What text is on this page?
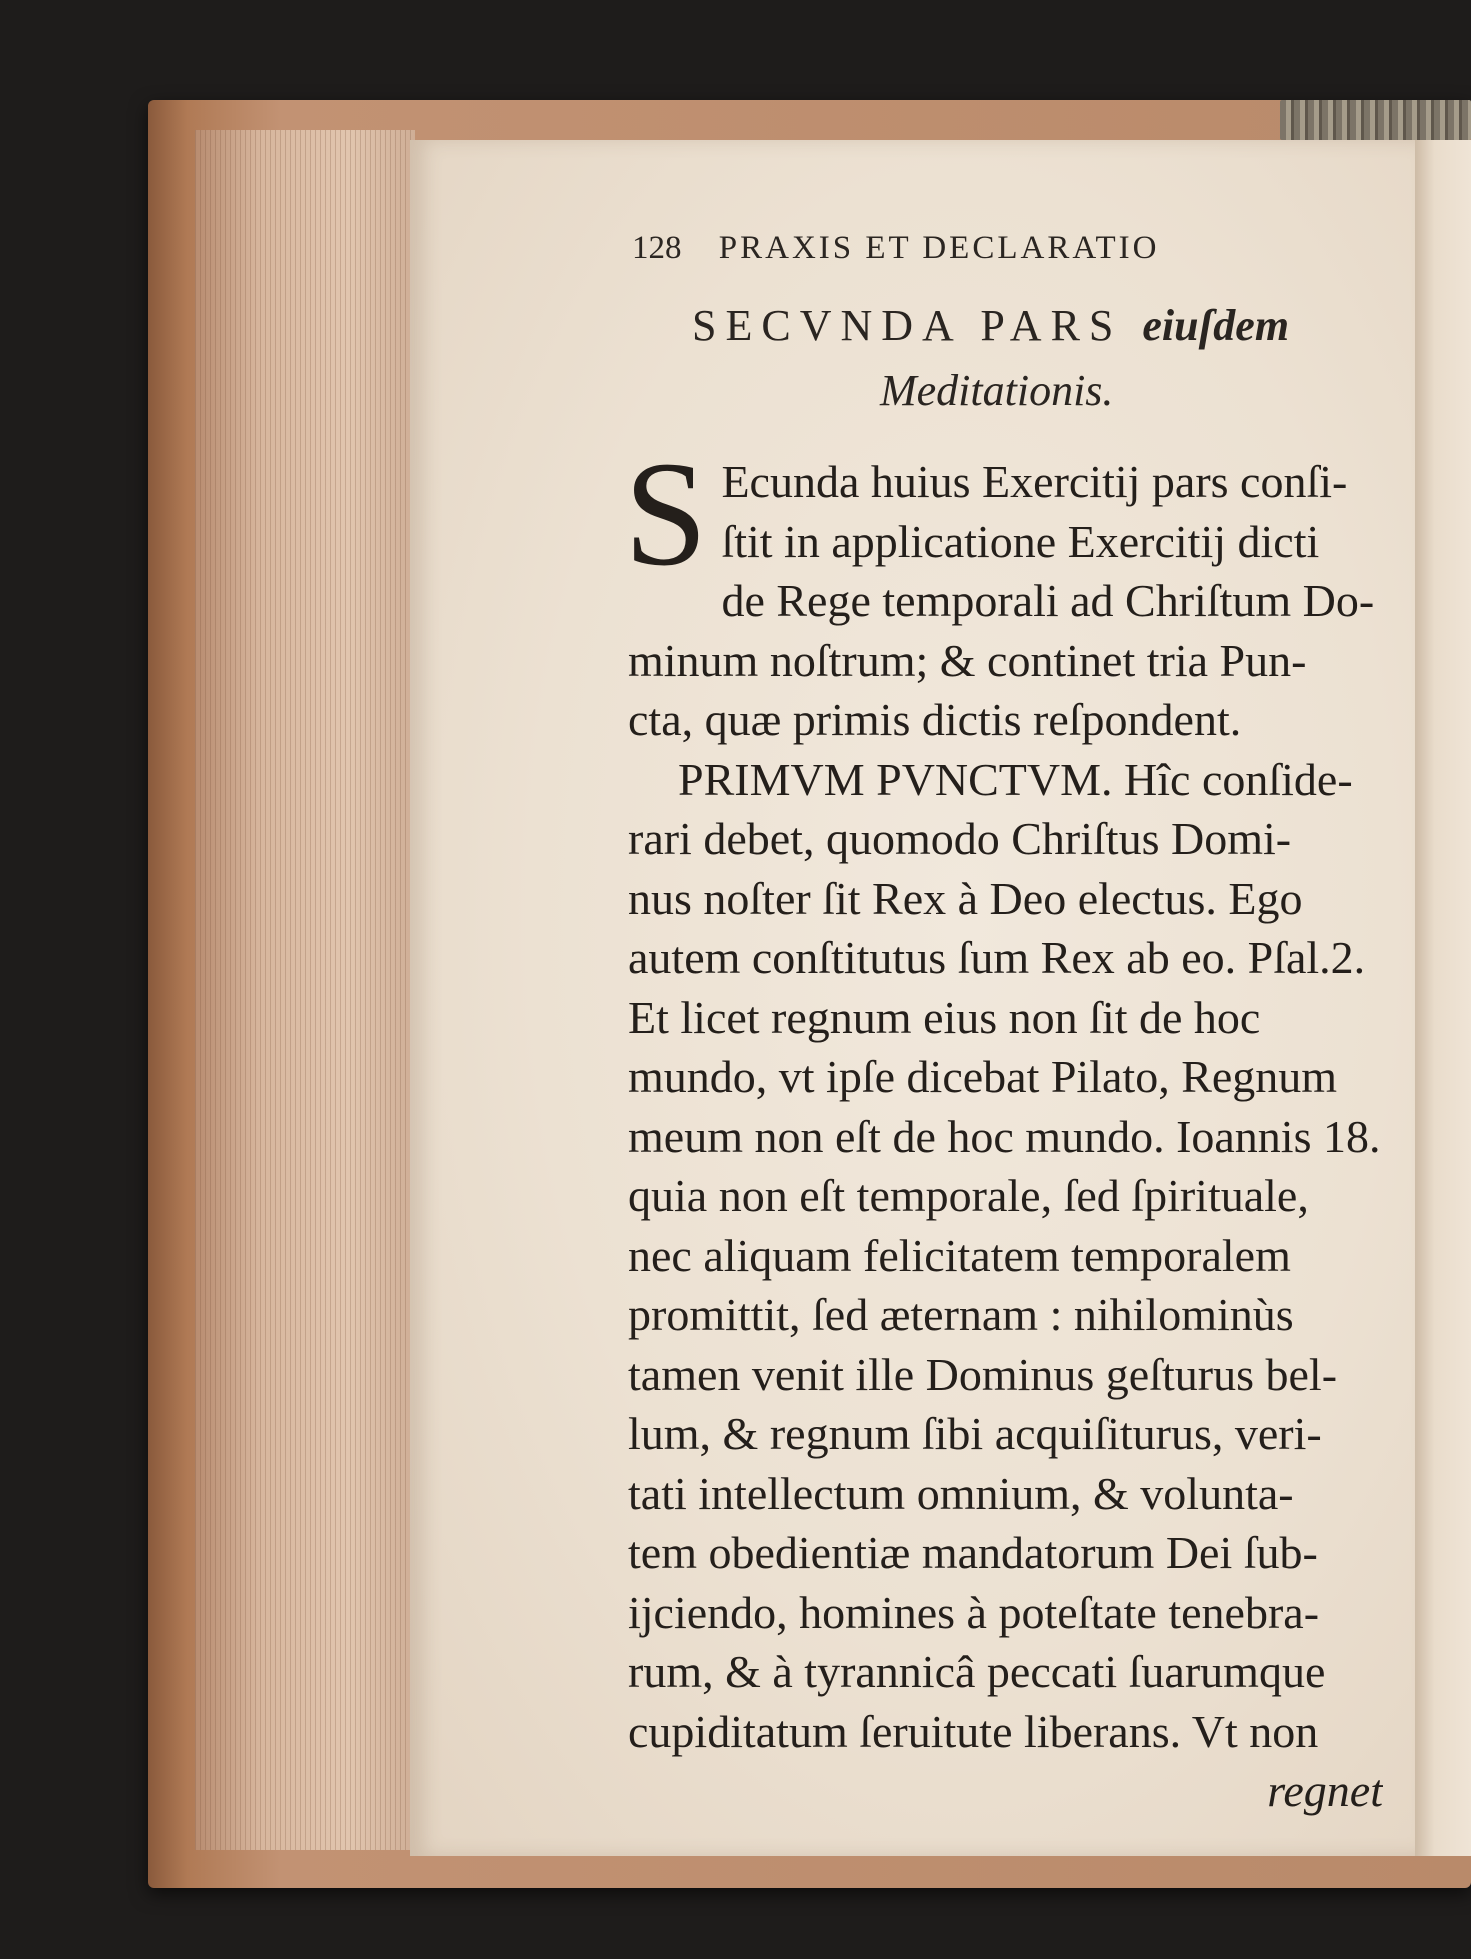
128 PRAXIS ET DECLARATIO
SECVNDA PARS eiuſdem
Meditationis.
S Ecunda huius Exercitij pars conſi-
ſtit in applicatione Exercitij dicti
de Rege temporali ad Chriſtum Do-
minum noſtrum; & continet tria Pun-
cta, quæ primis dictis reſpondent.
PRIMVM PVNCTVM. Hîc conſide-
rari debet, quomodo Chriſtus Domi-
nus noſter ſit Rex à Deo electus. Ego
autem conſtitutus ſum Rex ab eo. Pſal.2.
Et licet regnum eius non ſit de hoc
mundo, vt ipſe dicebat Pilato, Regnum
meum non eſt de hoc mundo. Ioannis 18.
quia non eſt temporale, ſed ſpirituale,
nec aliquam felicitatem temporalem
promittit, ſed æternam : nihilominùs
tamen venit ille Dominus geſturus bel-
lum, & regnum ſibi acquiſiturus, veri-
tati intellectum omnium, & volunta-
tem obedientiæ mandatorum Dei ſub-
ijciendo, homines à poteſtate tenebra-
rum, & à tyrannicâ peccati ſuarumque
cupiditatum ſeruitute liberans. Vt non
regnet
